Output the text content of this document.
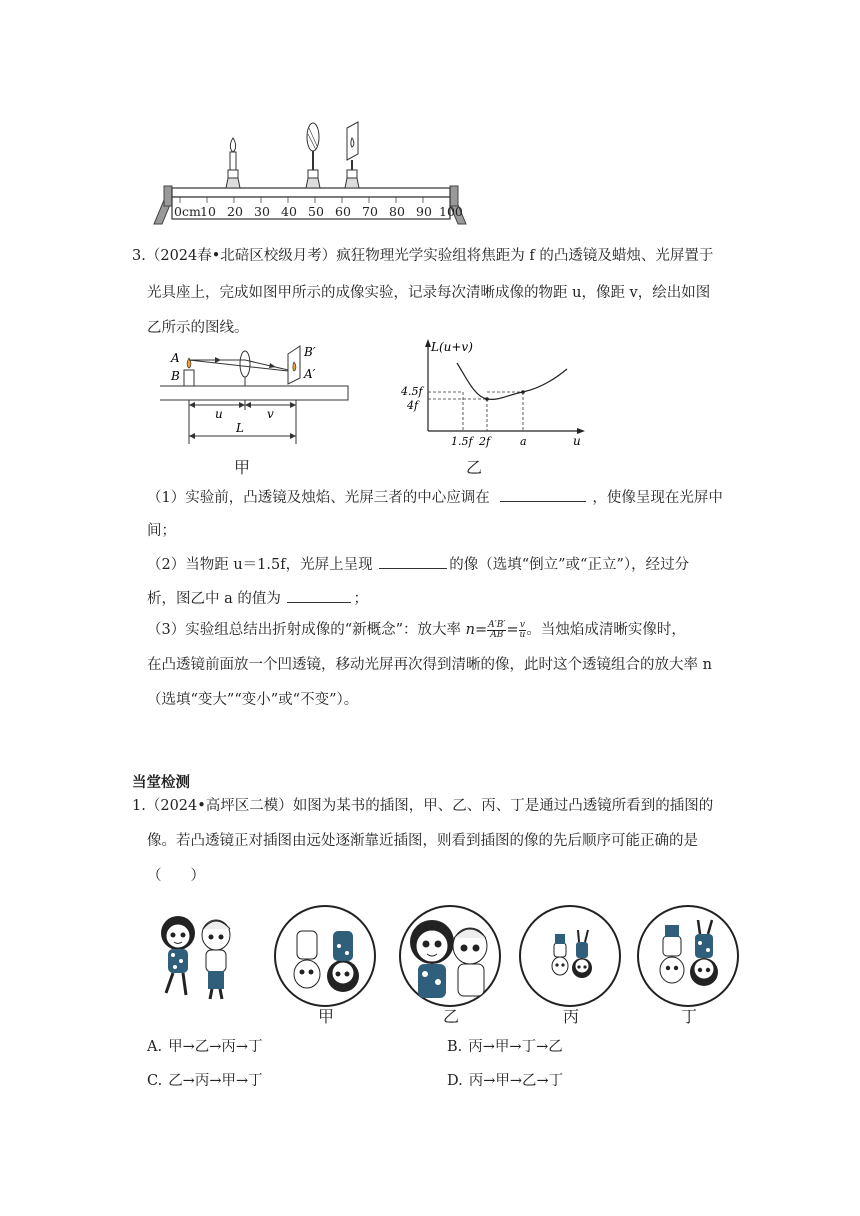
0cm 10 20 30 40 50 60 70 80 90 100
3.（2024春•北碚区校级月考）疯狂物理光学实验组将焦距为 f 的凸透镜及蜡烛、光屏置于
光具座上，完成如图甲所示的成像实验，记录每次清晰成像的物距 u，像距 v，绘出如图
乙所示的图线。
A
B
B′
A′
u	v
L
甲
L(u+v)
u
4.5f
4f
1.5f 2f	a
乙
（1）实验前，凸透镜及烛焰、光屏三者的中心应调在	，使像呈现在光屏中
间；
（2）当物距 u＝1.5f，光屏上呈现	的像（选填“倒立”或“正立”），经过分
析，图乙中 a 的值为	；
（3）实验组总结出折射成像的“新概念”：放大率 $n= \frac{A'B'}{AB} = \frac{v}{u}$ 。当烛焰成清晰实像时，
在凸透镜前面放一个凹透镜，移动光屏再次得到清晰的像，此时这个透镜组合的放大率 n
（选填“变大”“变小”或“不变”）。
当堂检测
1.（2024•高坪区二模）如图为某书的插图，甲、乙、丙、丁是通过凸透镜所看到的插图的
像。若凸透镜正对插图由远处逐渐靠近插图，则看到插图的像的先后顺序可能正确的是
（　　）
甲	乙	丙	丁
A. 甲→乙→丙→丁	B. 丙→甲→丁→乙
C. 乙→丙→甲→丁	D. 丙→甲→乙→丁
